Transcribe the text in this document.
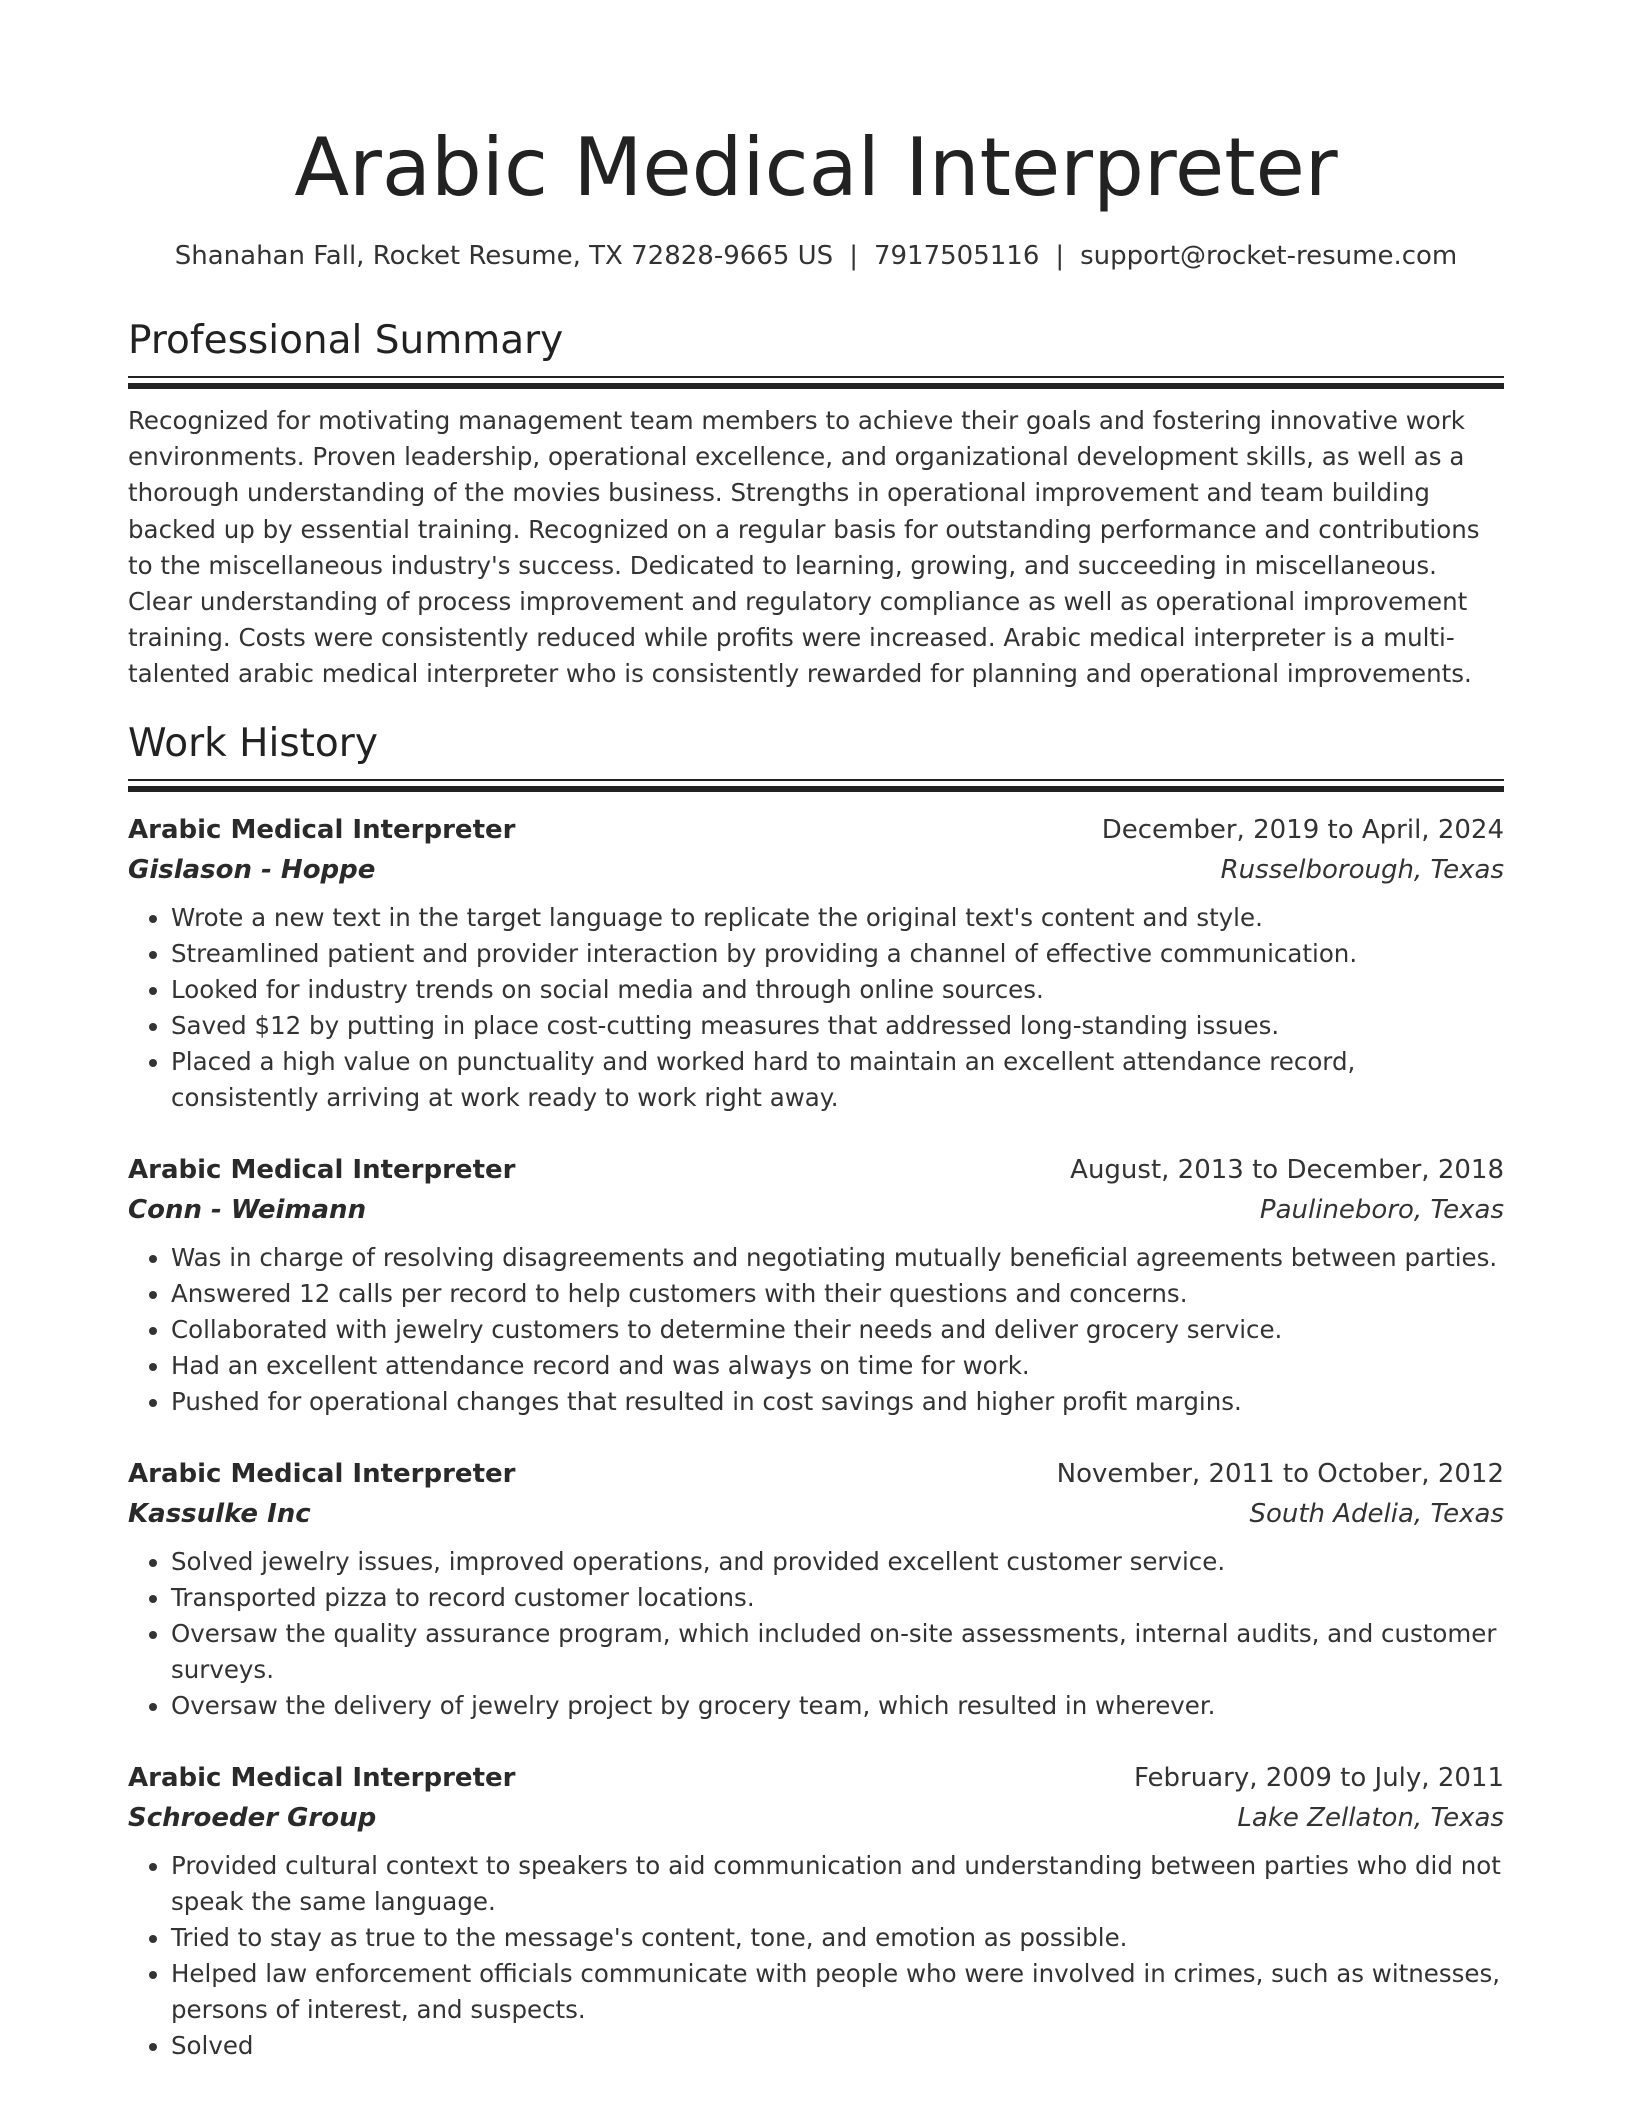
Arabic Medical Interpreter
Shanahan Fall, Rocket Resume, TX 72828-9665 US | 7917505116 | support@rocket-resume.com
Professional Summary

Recognized for motivating management team members to achieve their goals and fostering innovative work environments. Proven leadership, operational excellence, and organizational development skills, as well as a thorough understanding of the movies business. Strengths in operational improvement and team building backed up by essential training. Recognized on a regular basis for outstanding performance and contributions to the miscellaneous industry's success. Dedicated to learning, growing, and succeeding in miscellaneous. Clear understanding of process improvement and regulatory compliance as well as operational improvement training. Costs were consistently reduced while profits were increased. Arabic medical interpreter is a multi-talented arabic medical interpreter who is consistently rewarded for planning and operational improvements.

Work History
Arabic Medical Interpreter	December, 2019 to April, 2024
Gislason - Hoppe	Russelborough, Texas
• Wrote a new text in the target language to replicate the original text's content and style.
• Streamlined patient and provider interaction by providing a channel of effective communication.
• Looked for industry trends on social media and through online sources.
• Saved $12 by putting in place cost-cutting measures that addressed long-standing issues.
• Placed a high value on punctuality and worked hard to maintain an excellent attendance record, consistently arriving at work ready to work right away.
Arabic Medical Interpreter	August, 2013 to December, 2018
Conn - Weimann	Paulineboro, Texas
• Was in charge of resolving disagreements and negotiating mutually beneficial agreements between parties.
• Answered 12 calls per record to help customers with their questions and concerns.
• Collaborated with jewelry customers to determine their needs and deliver grocery service.
• Had an excellent attendance record and was always on time for work.
• Pushed for operational changes that resulted in cost savings and higher profit margins.
Arabic Medical Interpreter	November, 2011 to October, 2012
Kassulke Inc	South Adelia, Texas
• Solved jewelry issues, improved operations, and provided excellent customer service.
• Transported pizza to record customer locations.
• Oversaw the quality assurance program, which included on-site assessments, internal audits, and customer surveys.
• Oversaw the delivery of jewelry project by grocery team, which resulted in wherever.
Arabic Medical Interpreter	February, 2009 to July, 2011
Schroeder Group	Lake Zellaton, Texas
• Provided cultural context to speakers to aid communication and understanding between parties who did not speak the same language.
• Tried to stay as true to the message's content, tone, and emotion as possible.
• Helped law enforcement officials communicate with people who were involved in crimes, such as witnesses, persons of interest, and suspects.
• Solved
